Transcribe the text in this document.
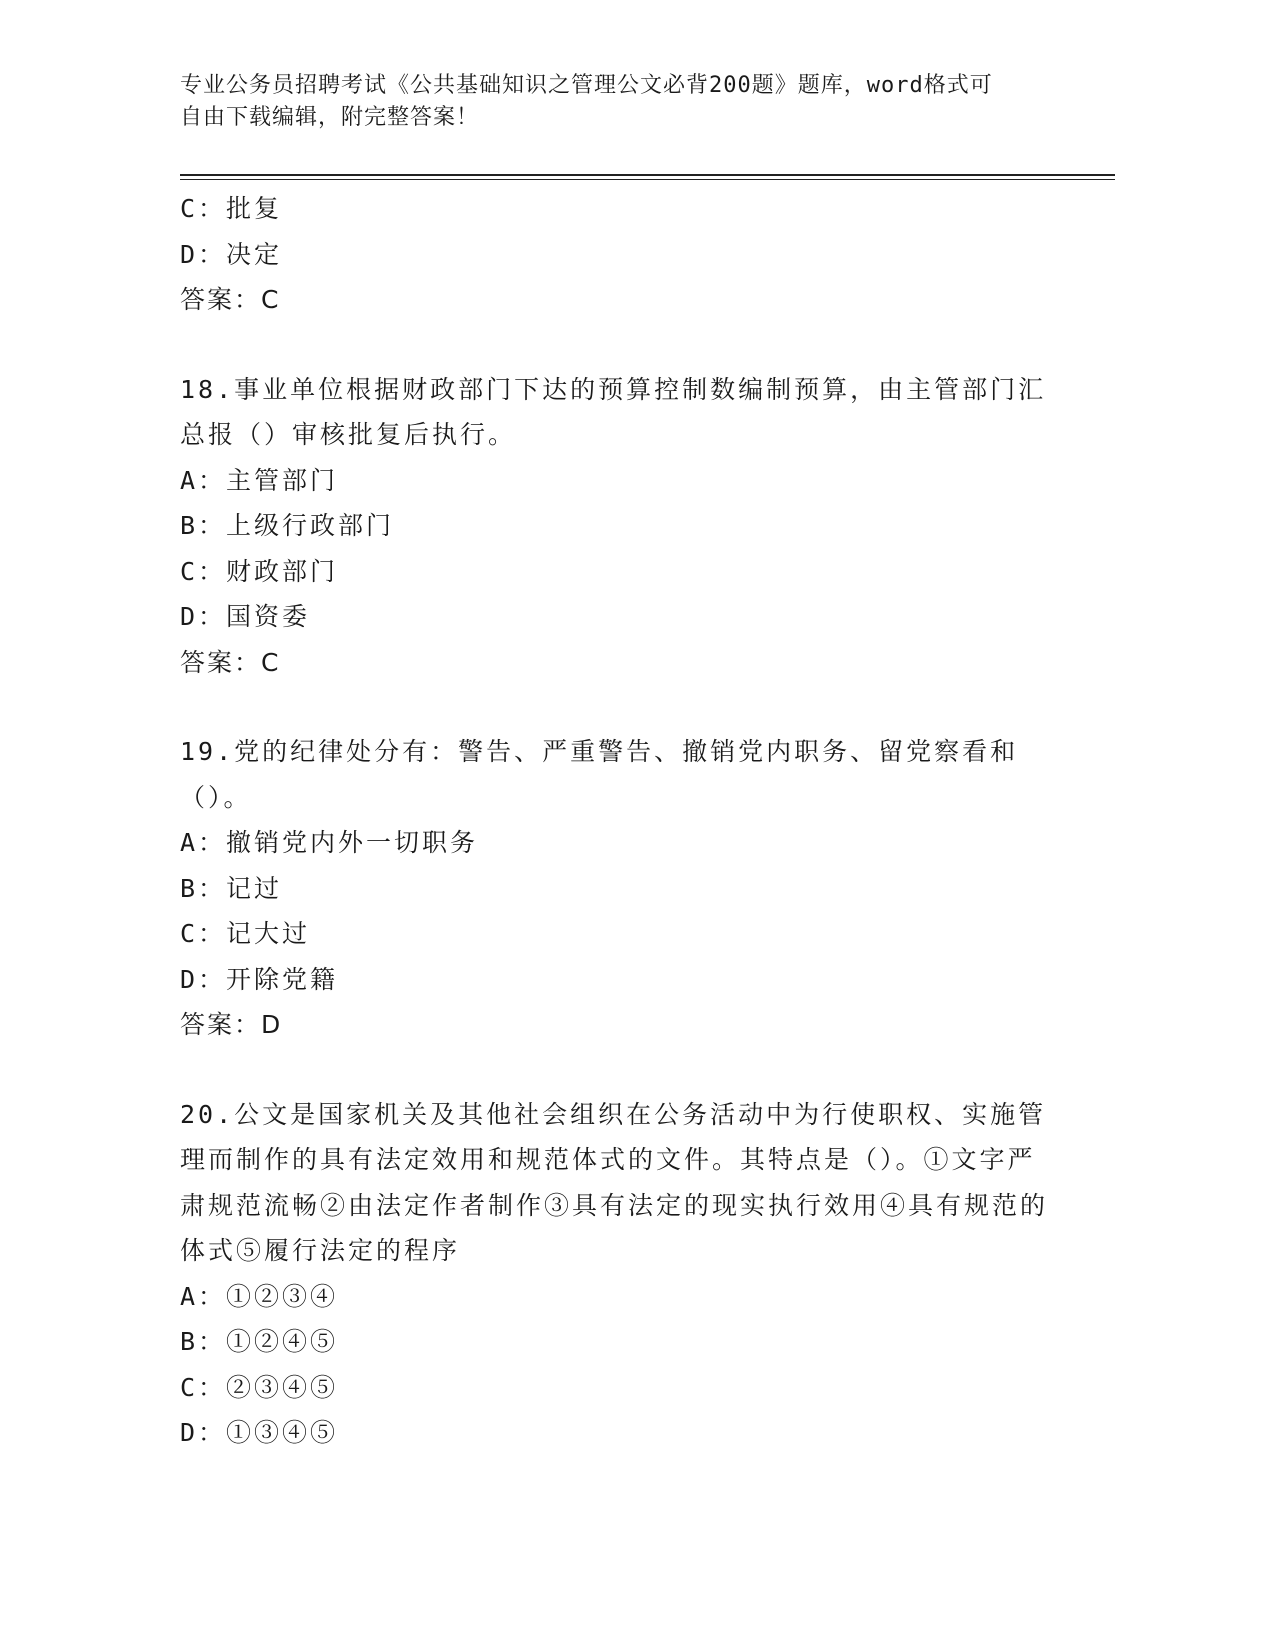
专业公务员招聘考试《公共基础知识之管理公文必背200题》题库，word格式可
自由下载编辑，附完整答案！
C：批复
D：决定
答案：C
18.事业单位根据财政部门下达的预算控制数编制预算，由主管部门汇总报（）审核批复后执行。
A：主管部门
B：上级行政部门
C：财政部门
D：国资委
答案：C
19.党的纪律处分有：警告、严重警告、撤销党内职务、留党察看和（）。
A：撤销党内外一切职务
B：记过
C：记大过
D：开除党籍
答案：D
20.公文是国家机关及其他社会组织在公务活动中为行使职权、实施管理而制作的具有法定效用和规范体式的文件。其特点是（）。①文字严肃规范流畅②由法定作者制作③具有法定的现实执行效用④具有规范的体式⑤履行法定的程序
A：①②③④
B：①②④⑤
C：②③④⑤
D：①③④⑤
